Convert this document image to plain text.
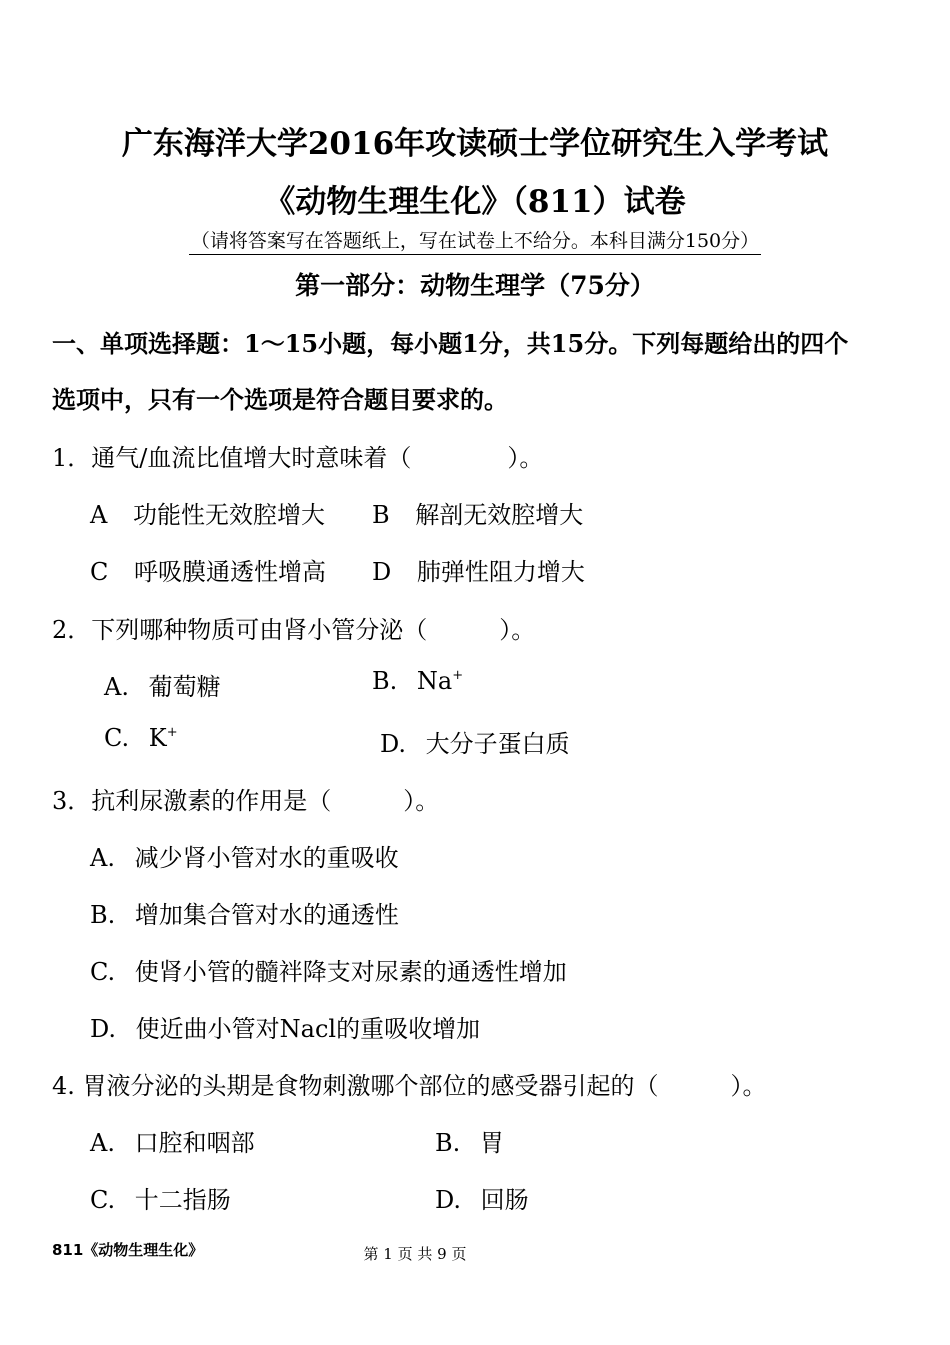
广东海洋大学2016年攻读硕士学位研究生入学考试
《动物生理生化》（811）试卷
（请将答案写在答题纸上，写在试卷上不给分。本科目满分150分）
第一部分：动物生理学（75分）
一、单项选择题：1～15小题，每小题1分，共15分。下列每题给出的四个
选项中，只有一个选项是符合题目要求的。
1．通气/血流比值增大时意味着（　　　　）。
A 功能性无效腔增大 B 解剖无效腔增大
C 呼吸膜通透性增高 D 肺弹性阻力增大
2．下列哪种物质可由肾小管分泌（　　　）。
A. 葡萄糖	B. Na+
C. K+	D. 大分子蛋白质
3．抗利尿激素的作用是（　　　）。
A. 减少肾小管对水的重吸收
B. 增加集合管对水的通透性
C. 使肾小管的髓袢降支对尿素的通透性增加
D. 使近曲小管对Nacl的重吸收增加
4. 胃液分泌的头期是食物刺激哪个部位的感受器引起的（　　　）。
A. 口腔和咽部	B. 胃
C. 十二指肠	D. 回肠
811《动物生理生化》	第 1 页 共 9 页
